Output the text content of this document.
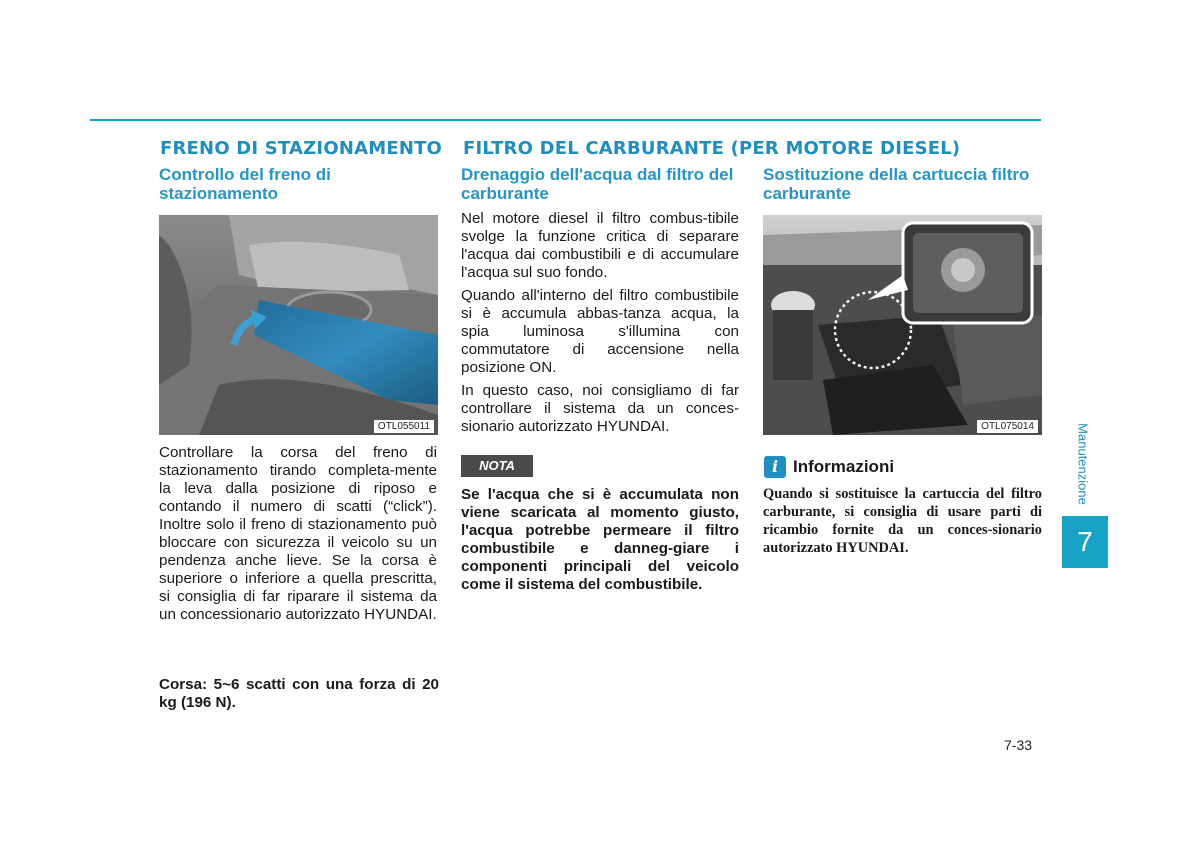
FRENO DI STAZIONAMENTO FILTRO DEL CARBURANTE (PER MOTORE DIESEL)
Controllo del freno di stazionamento
OTL055011
Controllare la corsa del freno di stazionamento tirando completa-mente la leva dalla posizione di riposo e contando il numero di scatti (“click”). Inoltre solo il freno di stazionamento può bloccare con sicurezza il veicolo su un pendenza anche lieve. Se la corsa è superiore o inferiore a quella prescritta, si consiglia di far riparare il sistema da un concessionario autorizzato HYUNDAI.
Corsa: 5~6 scatti con una forza di 20 kg (196 N).
Drenaggio dell'acqua dal filtro del carburante

Nel motore diesel il filtro combus-tibile svolge la funzione critica di separare l'acqua dai combustibili e di accumulare l'acqua sul suo fondo.

Quando all'interno del filtro combustibile si è accumula abbas-tanza acqua, la spia luminosa s'illumina con commutatore di accensione nella posizione ON.

In questo caso, noi consigliamo di far controllare il sistema da un conces-sionario autorizzato HYUNDAI.

NOTA
Se l'acqua che si è accumulata non viene scaricata al momento giusto, l'acqua potrebbe permeare il filtro combustibile e danneg-giare i componenti principali del veicolo come il sistema del combustibile.
Sostituzione della cartuccia filtro carburante
OTL075014
i Informazioni
Quando si sostituisce la cartuccia del filtro carburante, si consiglia di usare parti di ricambio fornite da un conces-sionario autorizzato HYUNDAI.
Manutenzione
7
7-33
